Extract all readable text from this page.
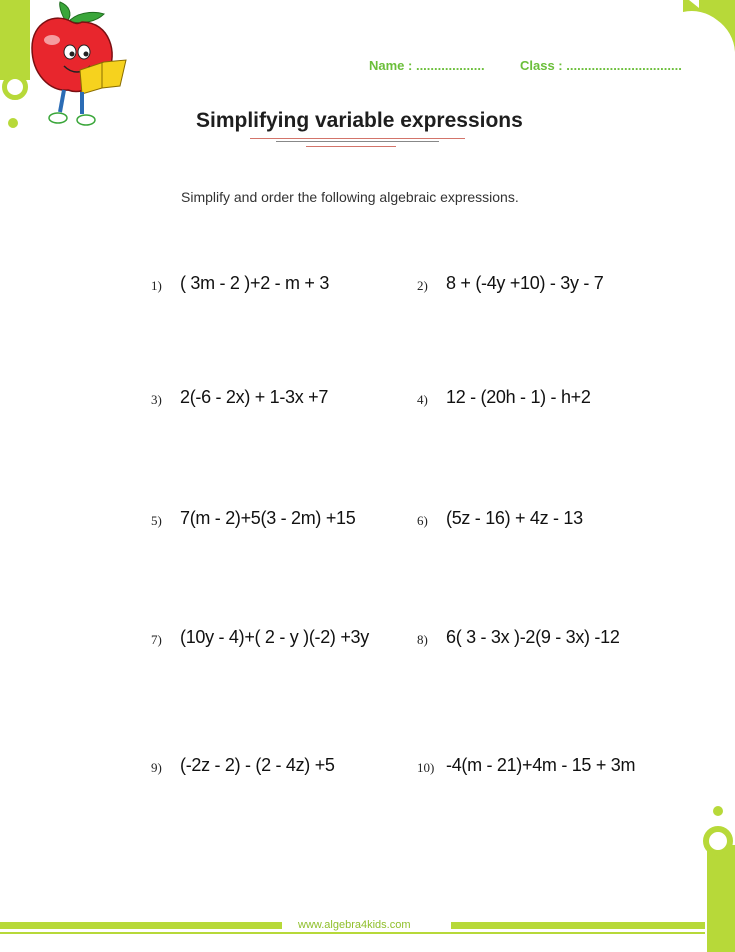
Name : ...................	Class : ................................
Simplifying variable expressions
Simplify and order the following algebraic expressions.
1) ( 3m - 2 )+2 - m + 3	2) 8 + (-4y +10) - 3y - 7
3) 2(-6 - 2x) + 1-3x +7	4) 12 - (20h - 1) - h+2
5) 7(m - 2)+5(3 - 2m) +15	6) (5z - 16) + 4z - 13
7) (10y - 4)+( 2 - y )(-2) +3y	8) 6( 3 - 3x )-2(9 - 3x) -12
9) (-2z - 2) - (2 - 4z) +5	10) -4(m - 21)+4m - 15 + 3m
www.algebra4kids.com
